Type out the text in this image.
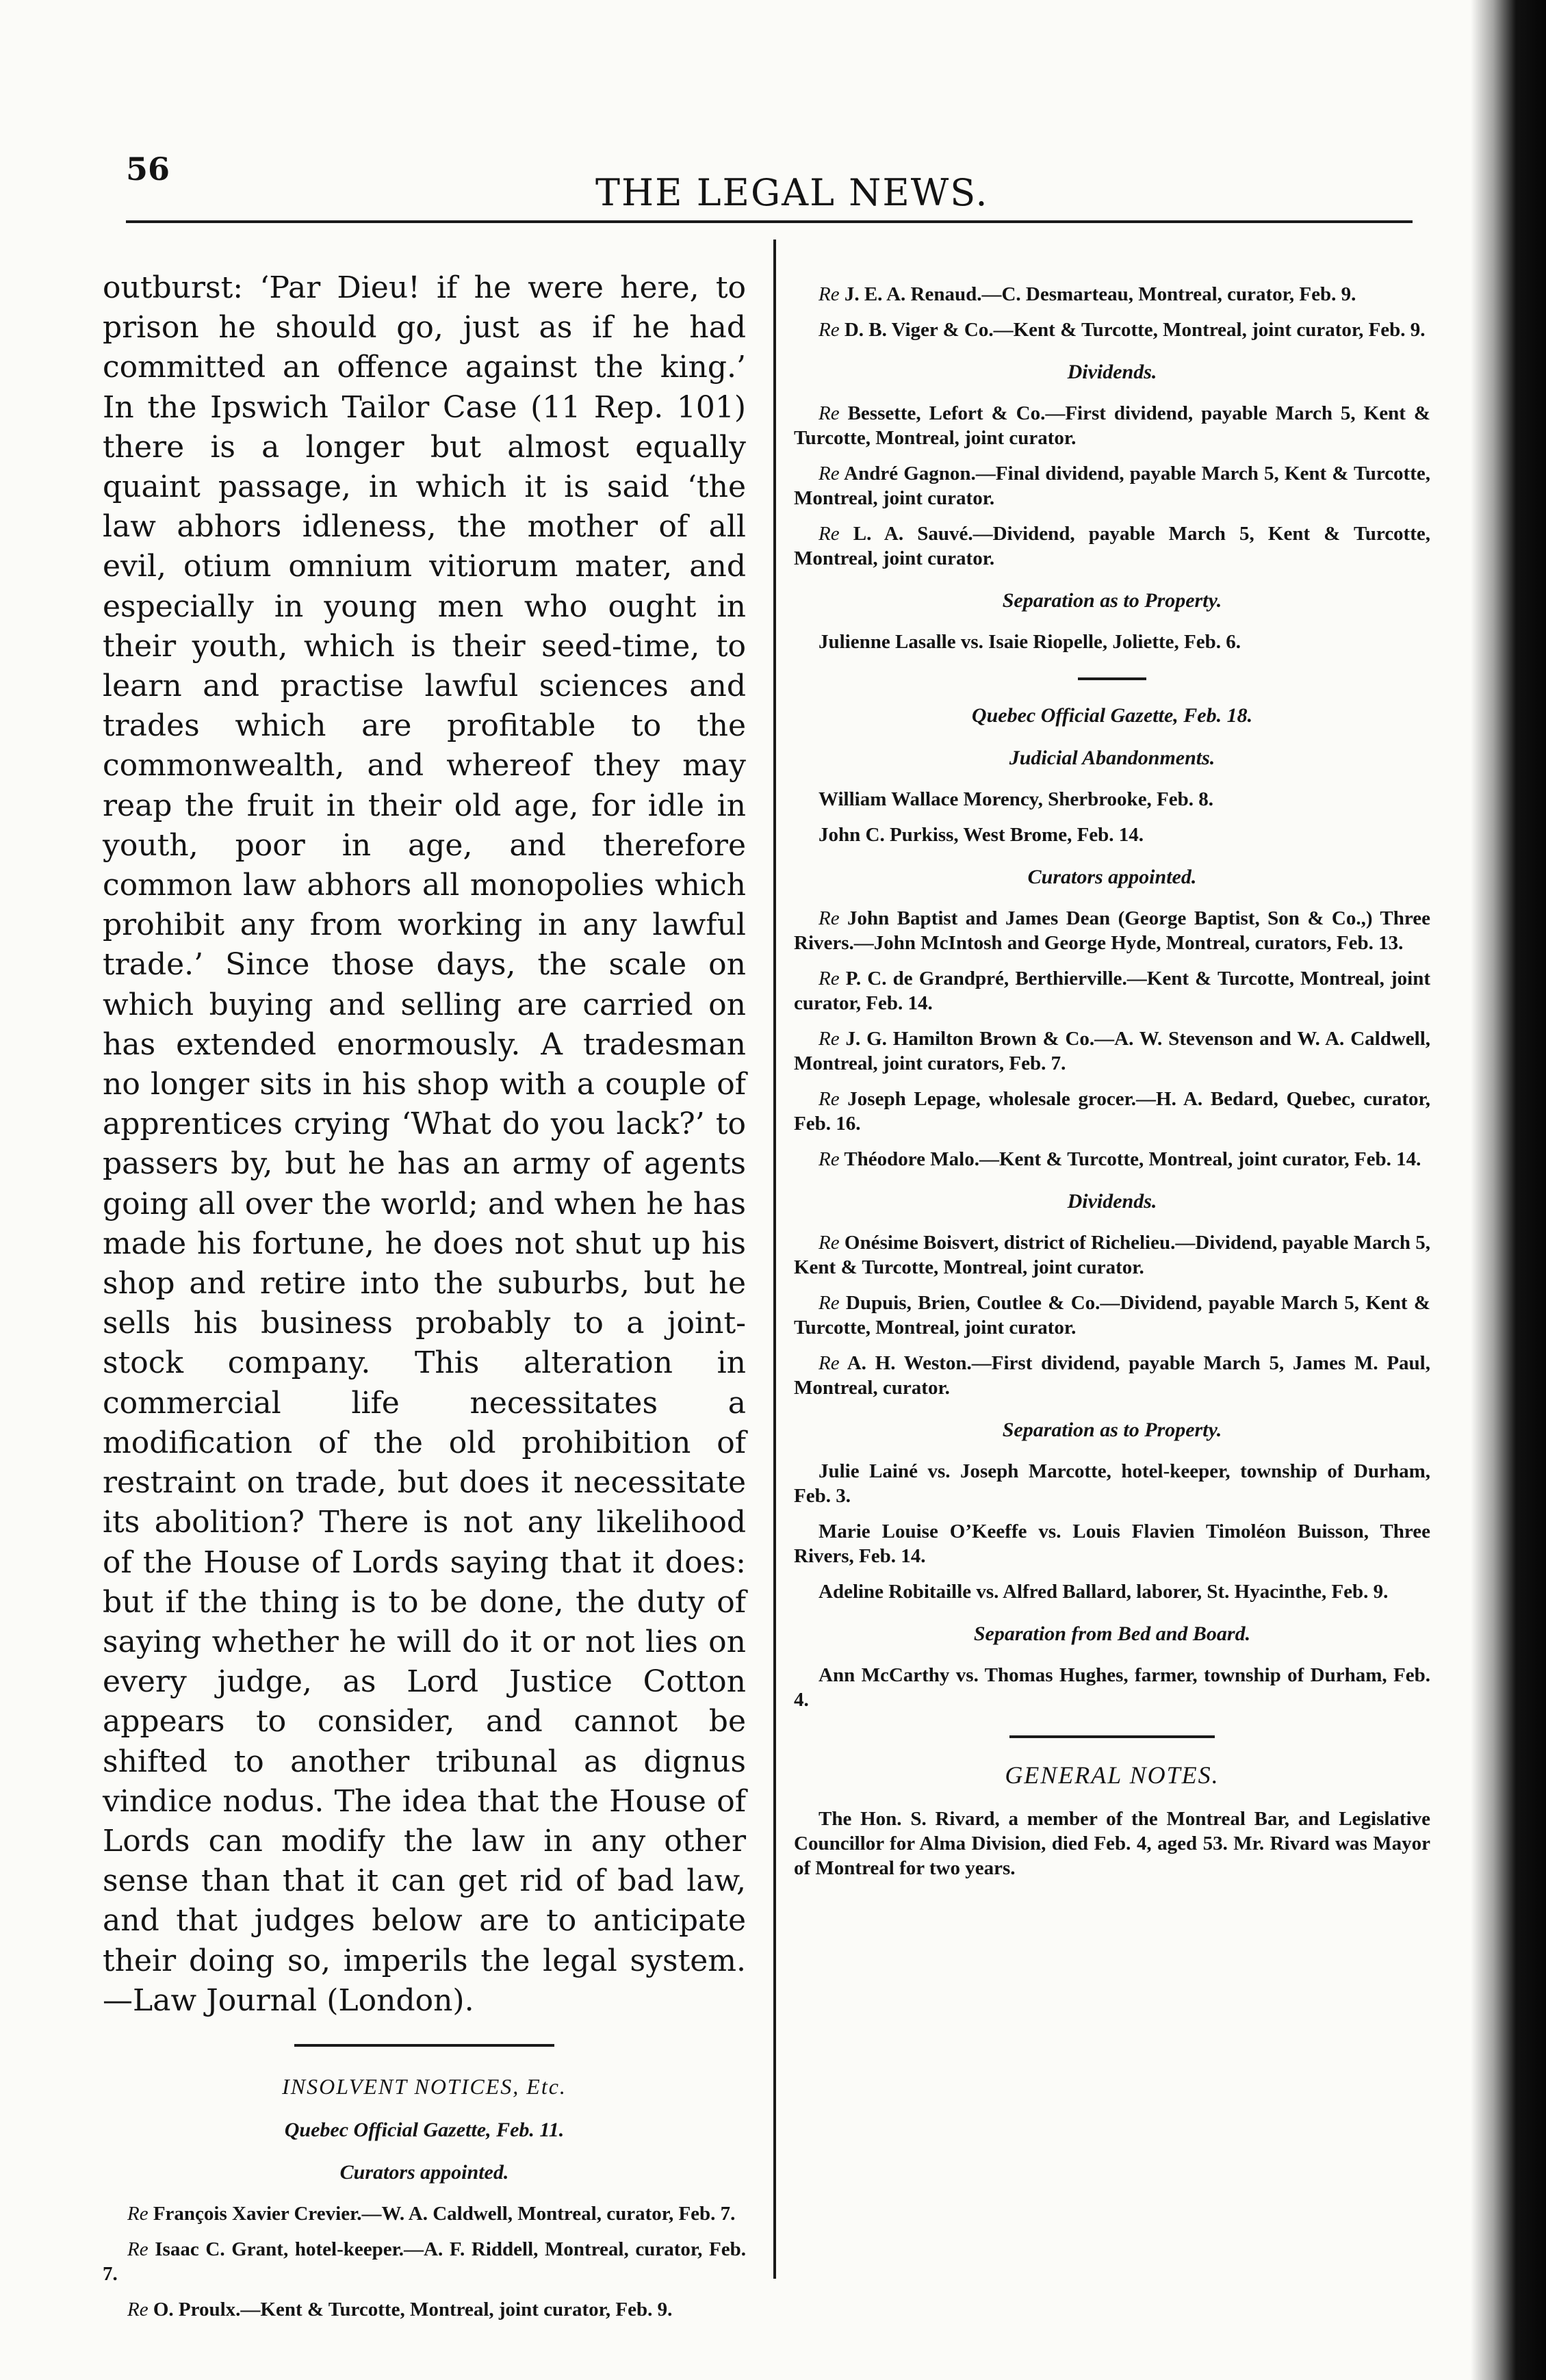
56
THE LEGAL NEWS.

outburst: ‘Par Dieu! if he were here, to prison he should go, just as if he had committed an offence against the king.’ In the Ipswich Tailor Case (11 Rep. 101) there is a longer but almost equally quaint passage, in which it is said ‘the law abhors idleness, the mother of all evil, otium omnium vitiorum mater, and especially in young men who ought in their youth, which is their seed-time, to learn and practise lawful sciences and trades which are profitable to the commonwealth, and whereof they may reap the fruit in their old age, for idle in youth, poor in age, and therefore common law abhors all monopolies which prohibit any from working in any lawful trade.’ Since those days, the scale on which buying and selling are carried on has extended enormously. A tradesman no longer sits in his shop with a couple of apprentices crying ‘What do you lack?’ to passers by, but he has an army of agents going all over the world; and when he has made his fortune, he does not shut up his shop and retire into the suburbs, but he sells his business probably to a joint-stock company. This alteration in commercial life necessitates a modification of the old prohibition of restraint on trade, but does it necessitate its abolition? There is not any likelihood of the House of Lords saying that it does: but if the thing is to be done, the duty of saying whether he will do it or not lies on every judge, as Lord Justice Cotton appears to consider, and cannot be shifted to another tribunal as dignus vindice nodus. The idea that the House of Lords can modify the law in any other sense than that it can get rid of bad law, and that judges below are to anticipate their doing so, imperils the legal system.—Law Journal (London).

INSOLVENT NOTICES, Etc.

Quebec Official Gazette, Feb. 11.

Curators appointed.

Re François Xavier Crevier.—W. A. Caldwell, Montreal, curator, Feb. 7.

Re Isaac C. Grant, hotel-keeper.—A. F. Riddell, Montreal, curator, Feb. 7.

Re O. Proulx.—Kent & Turcotte, Montreal, joint curator, Feb. 9.

Re J. E. A. Renaud.—C. Desmarteau, Montreal, curator, Feb. 9.

Re D. B. Viger & Co.—Kent & Turcotte, Montreal, joint curator, Feb. 9.

Dividends.

Re Bessette, Lefort & Co.—First dividend, payable March 5, Kent & Turcotte, Montreal, joint curator.

Re André Gagnon.—Final dividend, payable March 5, Kent & Turcotte, Montreal, joint curator.

Re L. A. Sauvé.—Dividend, payable March 5, Kent & Turcotte, Montreal, joint curator.

Separation as to Property.

Julienne Lasalle vs. Isaie Riopelle, Joliette, Feb. 6.

Quebec Official Gazette, Feb. 18.

Judicial Abandonments.

William Wallace Morency, Sherbrooke, Feb. 8.

John C. Purkiss, West Brome, Feb. 14.

Curators appointed.

Re John Baptist and James Dean (George Baptist, Son & Co.,) Three Rivers.—John McIntosh and George Hyde, Montreal, curators, Feb. 13.

Re P. C. de Grandpré, Berthierville.—Kent & Turcotte, Montreal, joint curator, Feb. 14.

Re J. G. Hamilton Brown & Co.—A. W. Stevenson and W. A. Caldwell, Montreal, joint curators, Feb. 7.

Re Joseph Lepage, wholesale grocer.—H. A. Bedard, Quebec, curator, Feb. 16.

Re Théodore Malo.—Kent & Turcotte, Montreal, joint curator, Feb. 14.

Dividends.

Re Onésime Boisvert, district of Richelieu.—Dividend, payable March 5, Kent & Turcotte, Montreal, joint curator.

Re Dupuis, Brien, Coutlee & Co.—Dividend, payable March 5, Kent & Turcotte, Montreal, joint curator.

Re A. H. Weston.—First dividend, payable March 5, James M. Paul, Montreal, curator.

Separation as to Property.

Julie Lainé vs. Joseph Marcotte, hotel-keeper, township of Durham, Feb. 3.

Marie Louise O’Keeffe vs. Louis Flavien Timoléon Buisson, Three Rivers, Feb. 14.

Adeline Robitaille vs. Alfred Ballard, laborer, St. Hyacinthe, Feb. 9.

Separation from Bed and Board.

Ann McCarthy vs. Thomas Hughes, farmer, township of Durham, Feb. 4.

GENERAL NOTES.

The Hon. S. Rivard, a member of the Montreal Bar, and Legislative Councillor for Alma Division, died Feb. 4, aged 53. Mr. Rivard was Mayor of Montreal for two years.
